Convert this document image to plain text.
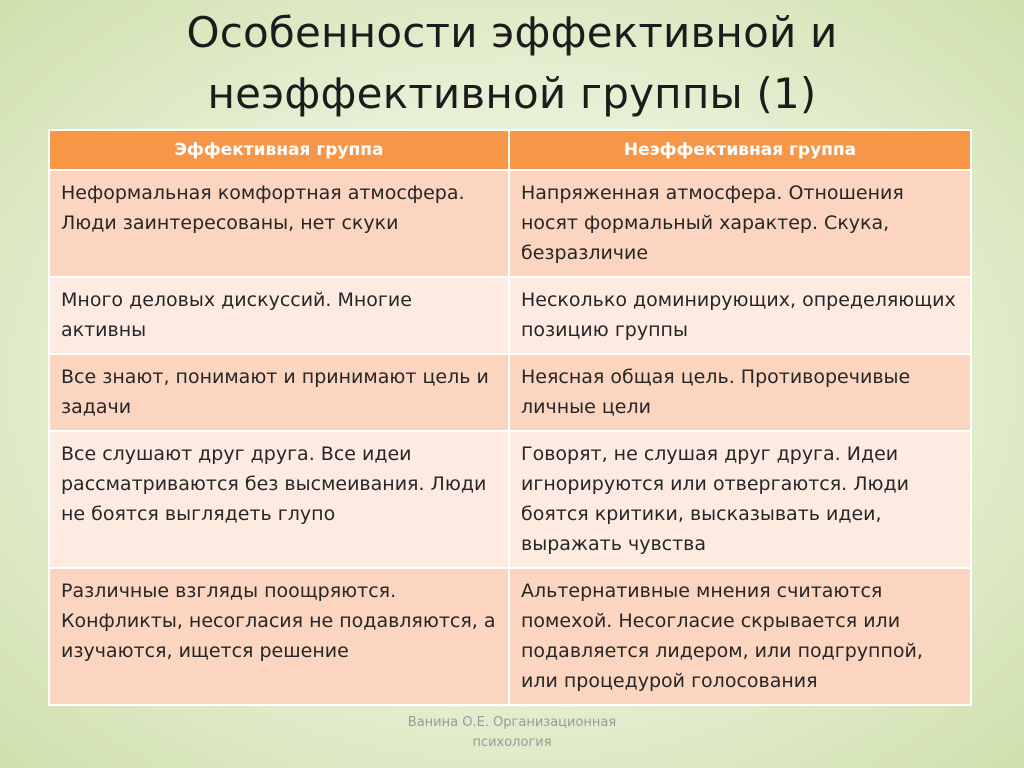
Особенности эффективной и
неэффективной группы (1)
Эффективная группа	Неэффективная группа
Неформальная комфортная атмосфера. Люди заинтересованы, нет скуки	Напряженная атмосфера. Отношения носят формальный характер. Скука, безразличие
Много деловых дискуссий. Многие активны	Несколько доминирующих, определяющих позицию группы
Все знают, понимают и принимают цель и задачи	Неясная общая цель. Противоречивые личные цели
Все слушают друг друга. Все идеи рассматриваются без высмеивания. Люди не боятся выглядеть глупо	Говорят, не слушая друг друга. Идеи игнорируются или отвергаются. Люди боятся критики, высказывать идеи, выражать чувства
Различные взгляды поощряются. Конфликты, несогласия не подавляются, а изучаются, ищется решение	Альтернативные мнения считаются помехой. Несогласие скрывается или подавляется лидером, или подгруппой, или процедурой голосования
Ванина О.Е. Организационная
психология
